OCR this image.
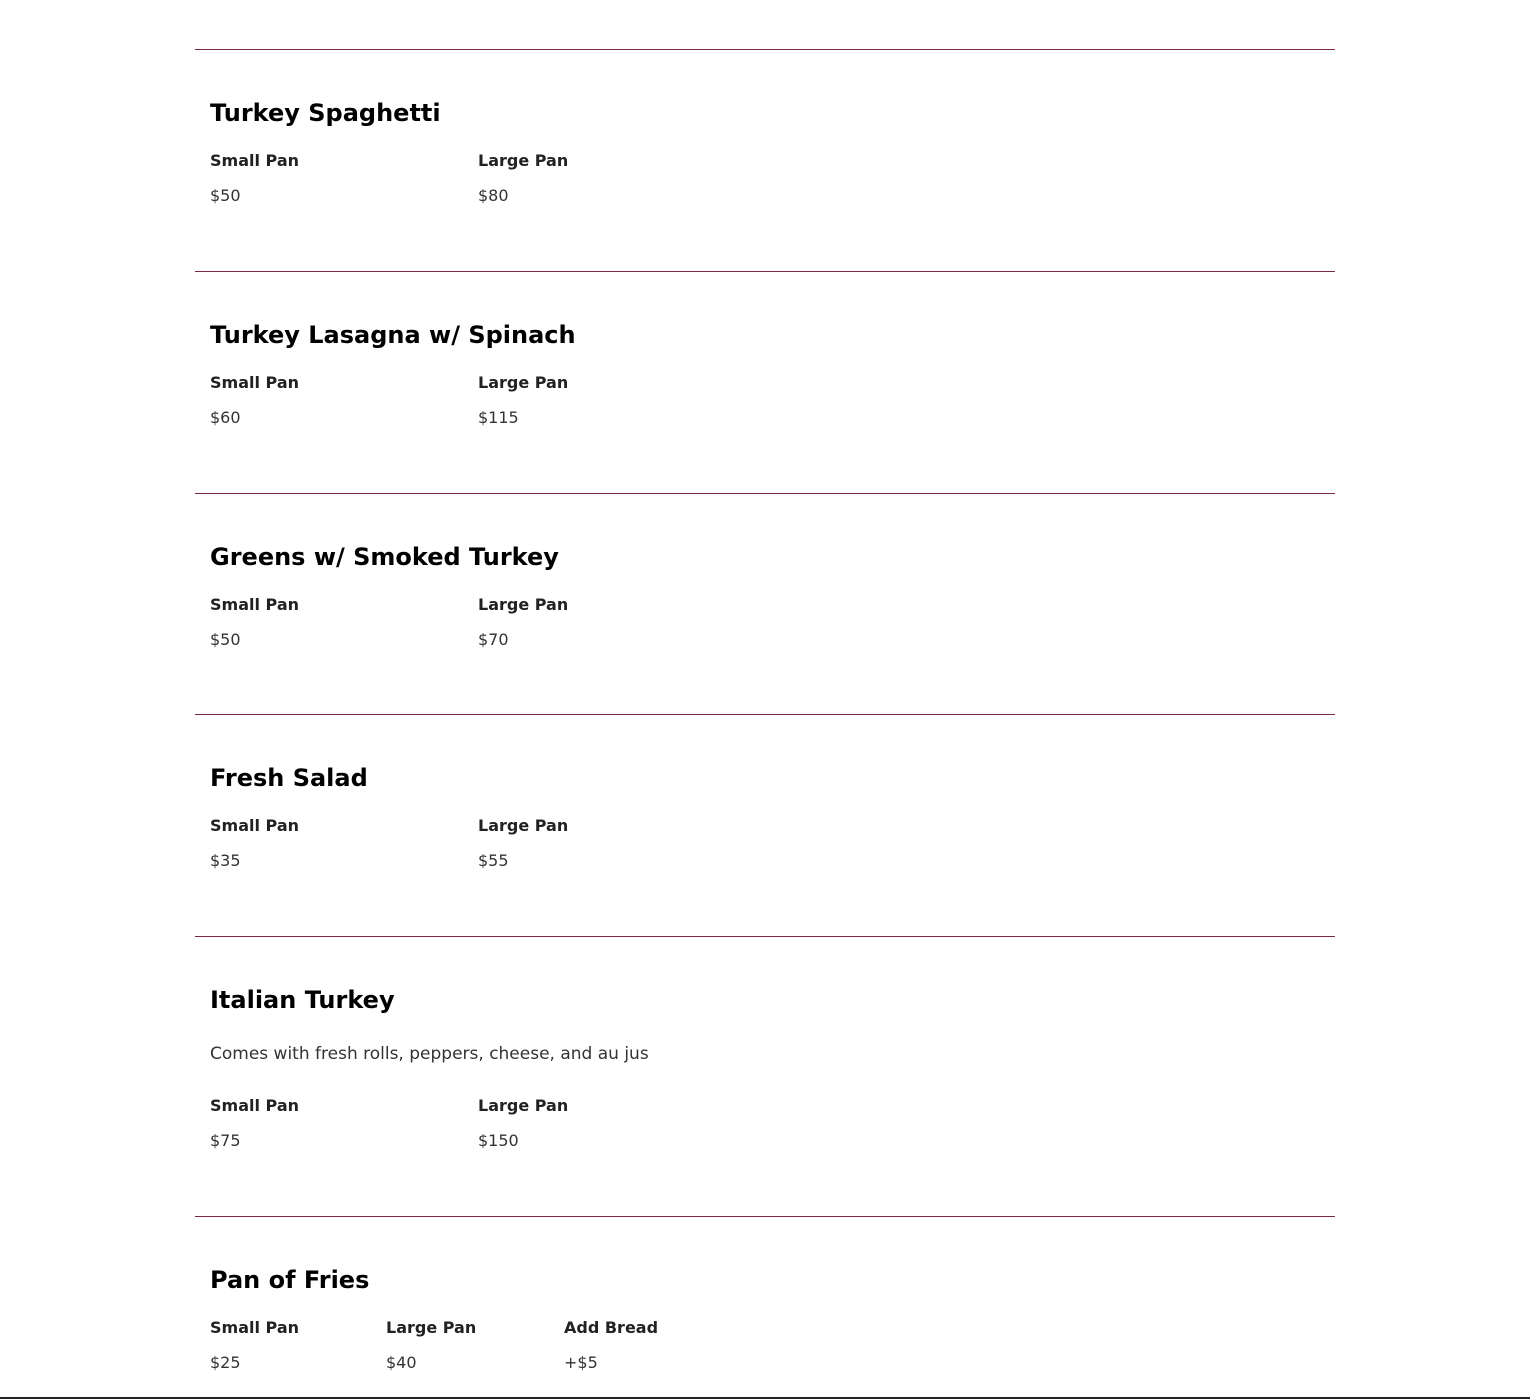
Turkey Spaghetti
Small Pan
$50
Large Pan
$80
Turkey Lasagna w/ Spinach
Small Pan
$60
Large Pan
$115
Greens w/ Smoked Turkey
Small Pan
$50
Large Pan
$70
Fresh Salad
Small Pan
$35
Large Pan
$55
Italian Turkey

Comes with fresh rolls, peppers, cheese, and au jus

Small Pan
$75
Large Pan
$150
Pan of Fries
Small Pan
$25
Large Pan
$40
Add Bread
+$5
